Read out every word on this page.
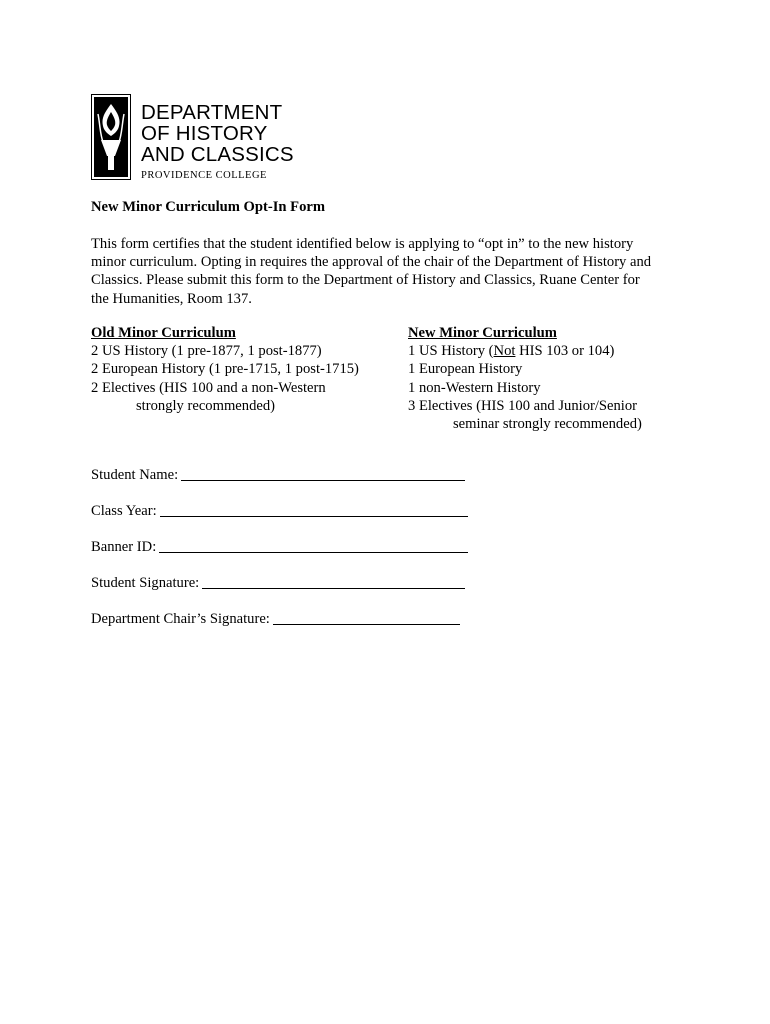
DEPARTMENT
OF HISTORY
AND CLASSICS
PROVIDENCE COLLEGE
New Minor Curriculum Opt-In Form
This form certifies that the student identified below is applying to “opt in” to the new history
minor curriculum. Opting in requires the approval of the chair of the Department of History and
Classics. Please submit this form to the Department of History and Classics, Ruane Center for
the Humanities, Room 137.
Old Minor Curriculum
2 US History (1 pre-1877, 1 post-1877)
2 European History (1 pre-1715, 1 post-1715)
2 Electives (HIS 100 and a non-Western
strongly recommended)
New Minor Curriculum
1 US History (Not HIS 103 or 104)
1 European History
1 non-Western History
3 Electives (HIS 100 and Junior/Senior
seminar strongly recommended)
Student Name:
Class Year:
Banner ID:
Student Signature:
Department Chair’s Signature:
